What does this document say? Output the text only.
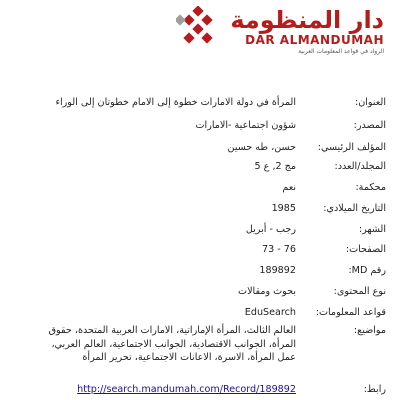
دار المنظومة
DAR ALMANDUMAH
الرواد في قواعد المعلومات العربية
العنوان:
المرأة في دولة الامارات خطوة إلى الامام خطوتان إلى الوراء
المصدر:
شؤون اجتماعية -الامارات
المؤلف الرئيسي:
حسن، طه حسين
المجلد/العدد:
مج 2, ع 5
محكمة:
نعم
التاريخ الميلادي:
1985
الشهر:
رجب - أبريل
الصفحات:
76 - 73
رقم MD:
189892
نوع المحتوى:
بحوث ومقالات
قواعد المعلومات:
EduSearch
مواضيع:
العالم الثالث، المرأة الإماراتية، الامارات العربية المتحدة، حقوق المرأة، الجوانب الاقتصادية، الجوانب الاجتماعية، العالم العربي، عمل المرأة، الاسرة، الاعانات الاجتماعية، تحرير المرأة
رابط:
http://search.mandumah.com/Record/189892
